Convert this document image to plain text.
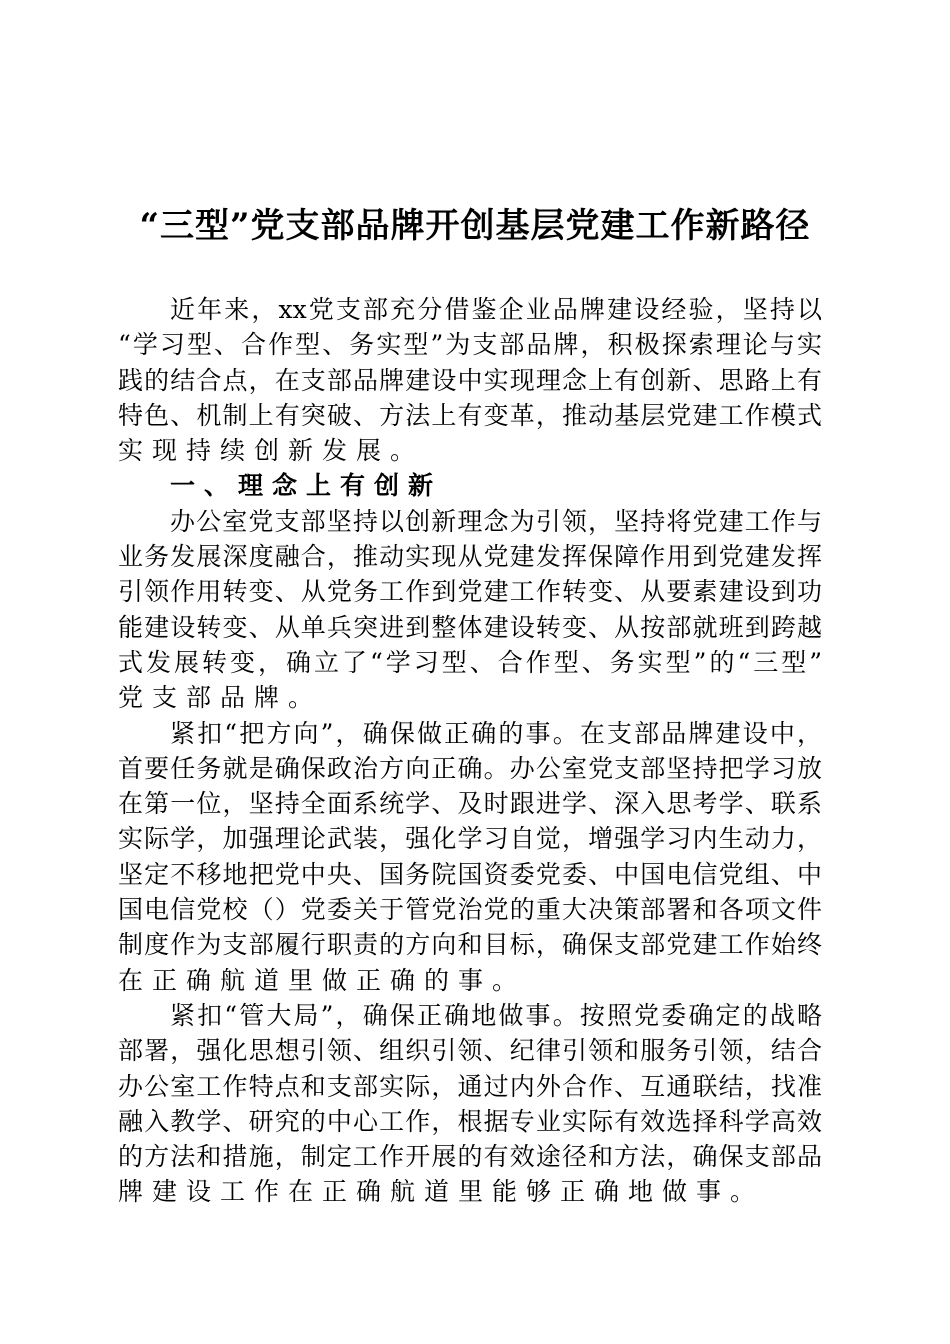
“三型”党支部品牌开创基层党建工作新路径
近年来，xx党支部充分借鉴企业品牌建设经验，坚持以
“学习型、合作型、务实型”为支部品牌，积极探索理论与实
践的结合点，在支部品牌建设中实现理念上有创新、思路上有
特色、机制上有突破、方法上有变革，推动基层党建工作模式
实现持续创新发展。
一、理念上有创新
办公室党支部坚持以创新理念为引领，坚持将党建工作与
业务发展深度融合，推动实现从党建发挥保障作用到党建发挥
引领作用转变、从党务工作到党建工作转变、从要素建设到功
能建设转变、从单兵突进到整体建设转变、从按部就班到跨越
式发展转变，确立了“学习型、合作型、务实型”的“三型”
党支部品牌。
紧扣“把方向”，确保做正确的事。在支部品牌建设中，
首要任务就是确保政治方向正确。办公室党支部坚持把学习放
在第一位，坚持全面系统学、及时跟进学、深入思考学、联系
实际学，加强理论武装，强化学习自觉，增强学习内生动力，
坚定不移地把党中央、国务院国资委党委、中国电信党组、中
国电信党校（）党委关于管党治党的重大决策部署和各项文件
制度作为支部履行职责的方向和目标，确保支部党建工作始终
在正确航道里做正确的事。
紧扣“管大局”，确保正确地做事。按照党委确定的战略
部署，强化思想引领、组织引领、纪律引领和服务引领，结合
办公室工作特点和支部实际，通过内外合作、互通联结，找准
融入教学、研究的中心工作，根据专业实际有效选择科学高效
的方法和措施，制定工作开展的有效途径和方法，确保支部品
牌建设工作在正确航道里能够正确地做事。
